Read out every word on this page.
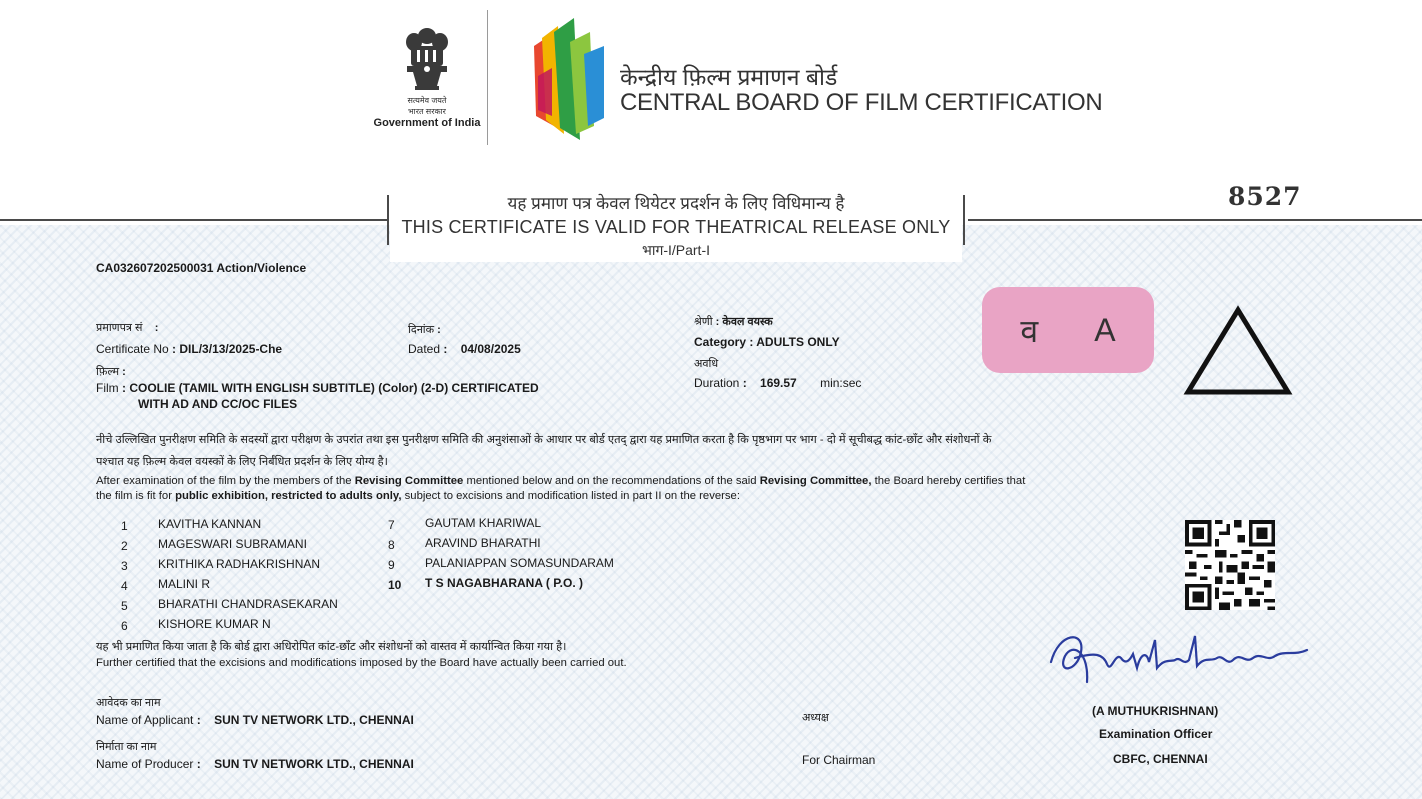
सत्यमेव जयते
भारत सरकार
Government of India
केन्द्रीय फ़िल्म प्रमाणन बोर्ड
CENTRAL BOARD OF FILM CERTIFICATION
8527
यह प्रमाण पत्र केवल थियेटर प्रदर्शन के लिए विधिमान्य है
THIS CERTIFICATE IS VALID FOR THEATRICAL RELEASE ONLY
भाग-I/Part-I
CA032607202500031 Action/Violence
प्रमाणपत्र सं :
Certificate No : DIL/3/13/2025-Che
दिनांक :
Dated :    04/08/2025
फ़िल्म :
Film : COOLIE (TAMIL WITH ENGLISH SUBTITLE) (Color) (2-D) CERTIFICATED
WITH AD AND CC/OC FILES
श्रेणी : केवल वयस्क
Category : ADULTS ONLY
अवधि
Duration :    169.57 min:sec
व A
नीचे उल्लिखित पुनरीक्षण समिति के सदस्यों द्वारा परीक्षण के उपरांत तथा इस पुनरीक्षण समिति की अनुशंसाओं के आधार पर बोर्ड एतद् द्वारा यह प्रमाणित करता है कि पृष्ठभाग पर भाग - दो में सूचीबद्ध कांट-छाँट और संशोधनों के
पश्चात यह फ़िल्म केवल वयस्कों के लिए निर्बंधित प्रदर्शन के लिए योग्य है।
After examination of the film by the members of the Revising Committee mentioned below and on the recommendations of the said Revising Committee, the Board hereby certifies that
the film is fit for public exhibition, restricted to adults only, subject to excisions and modification listed in part II on the reverse:
1	KAVITHA KANNAN
2	MAGESWARI SUBRAMANI
3	KRITHIKA RADHAKRISHNAN
4	MALINI R
5	BHARATHI CHANDRASEKARAN
6	KISHORE KUMAR N
7	GAUTAM KHARIWAL
8	ARAVIND BHARATHI
9	PALANIAPPAN SOMASUNDARAM
10 T S NAGABHARANA ( P.O. )
यह भी प्रमाणित किया जाता है कि बोर्ड द्वारा अधिरोपित कांट-छाँट और संशोधनों को वास्तव में कार्यान्वित किया गया है।
Further certified that the excisions and modifications imposed by the Board have actually been carried out.
आवेदक का नाम
Name of Applicant :    SUN TV NETWORK LTD., CHENNAI
निर्माता का नाम
Name of Producer :    SUN TV NETWORK LTD., CHENNAI
अध्यक्ष
For Chairman
(A MUTHUKRISHNAN)
Examination Officer
CBFC, CHENNAI
